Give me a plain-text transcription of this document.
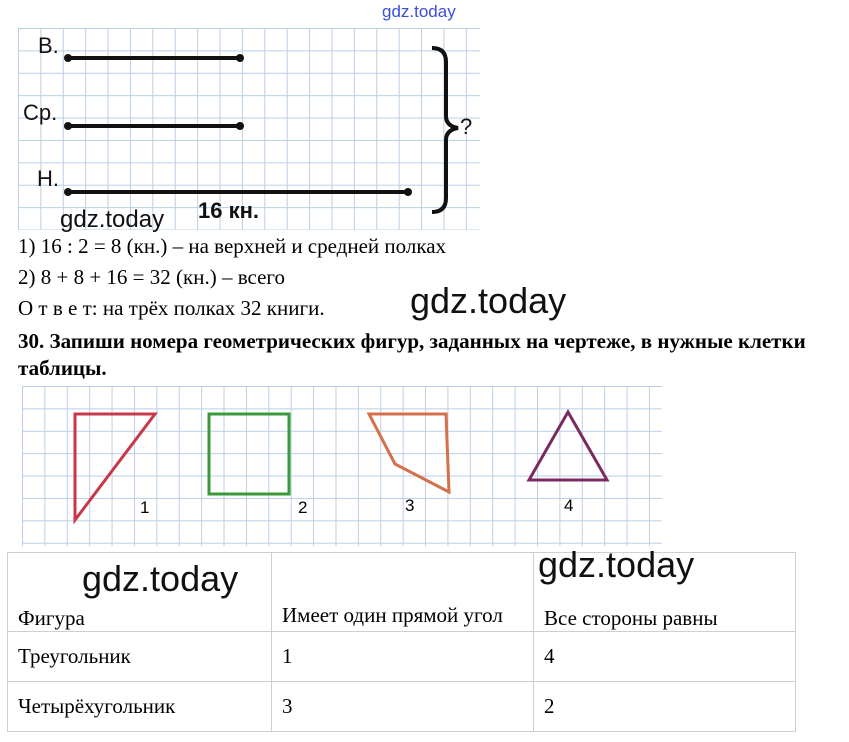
gdz.today
В.
Ср.
Н.
16 кн.
?
gdz.today
1) 16 : 2 = 8 (кн.) – на верхней и средней полках
2) 8 + 8 + 16 = 32 (кн.) – всего
О т в е т: на трёх полках 32 книги. gdz.today
30. Запиши номера геометрических фигур, заданных на чертеже, в нужные клетки таблицы.
1	2	3	4
Фигура	Имеет один прямой угол	Все стороны равны
Треугольник	1	4
Четырёхугольник	3	2
gdz.today	gdz.today
